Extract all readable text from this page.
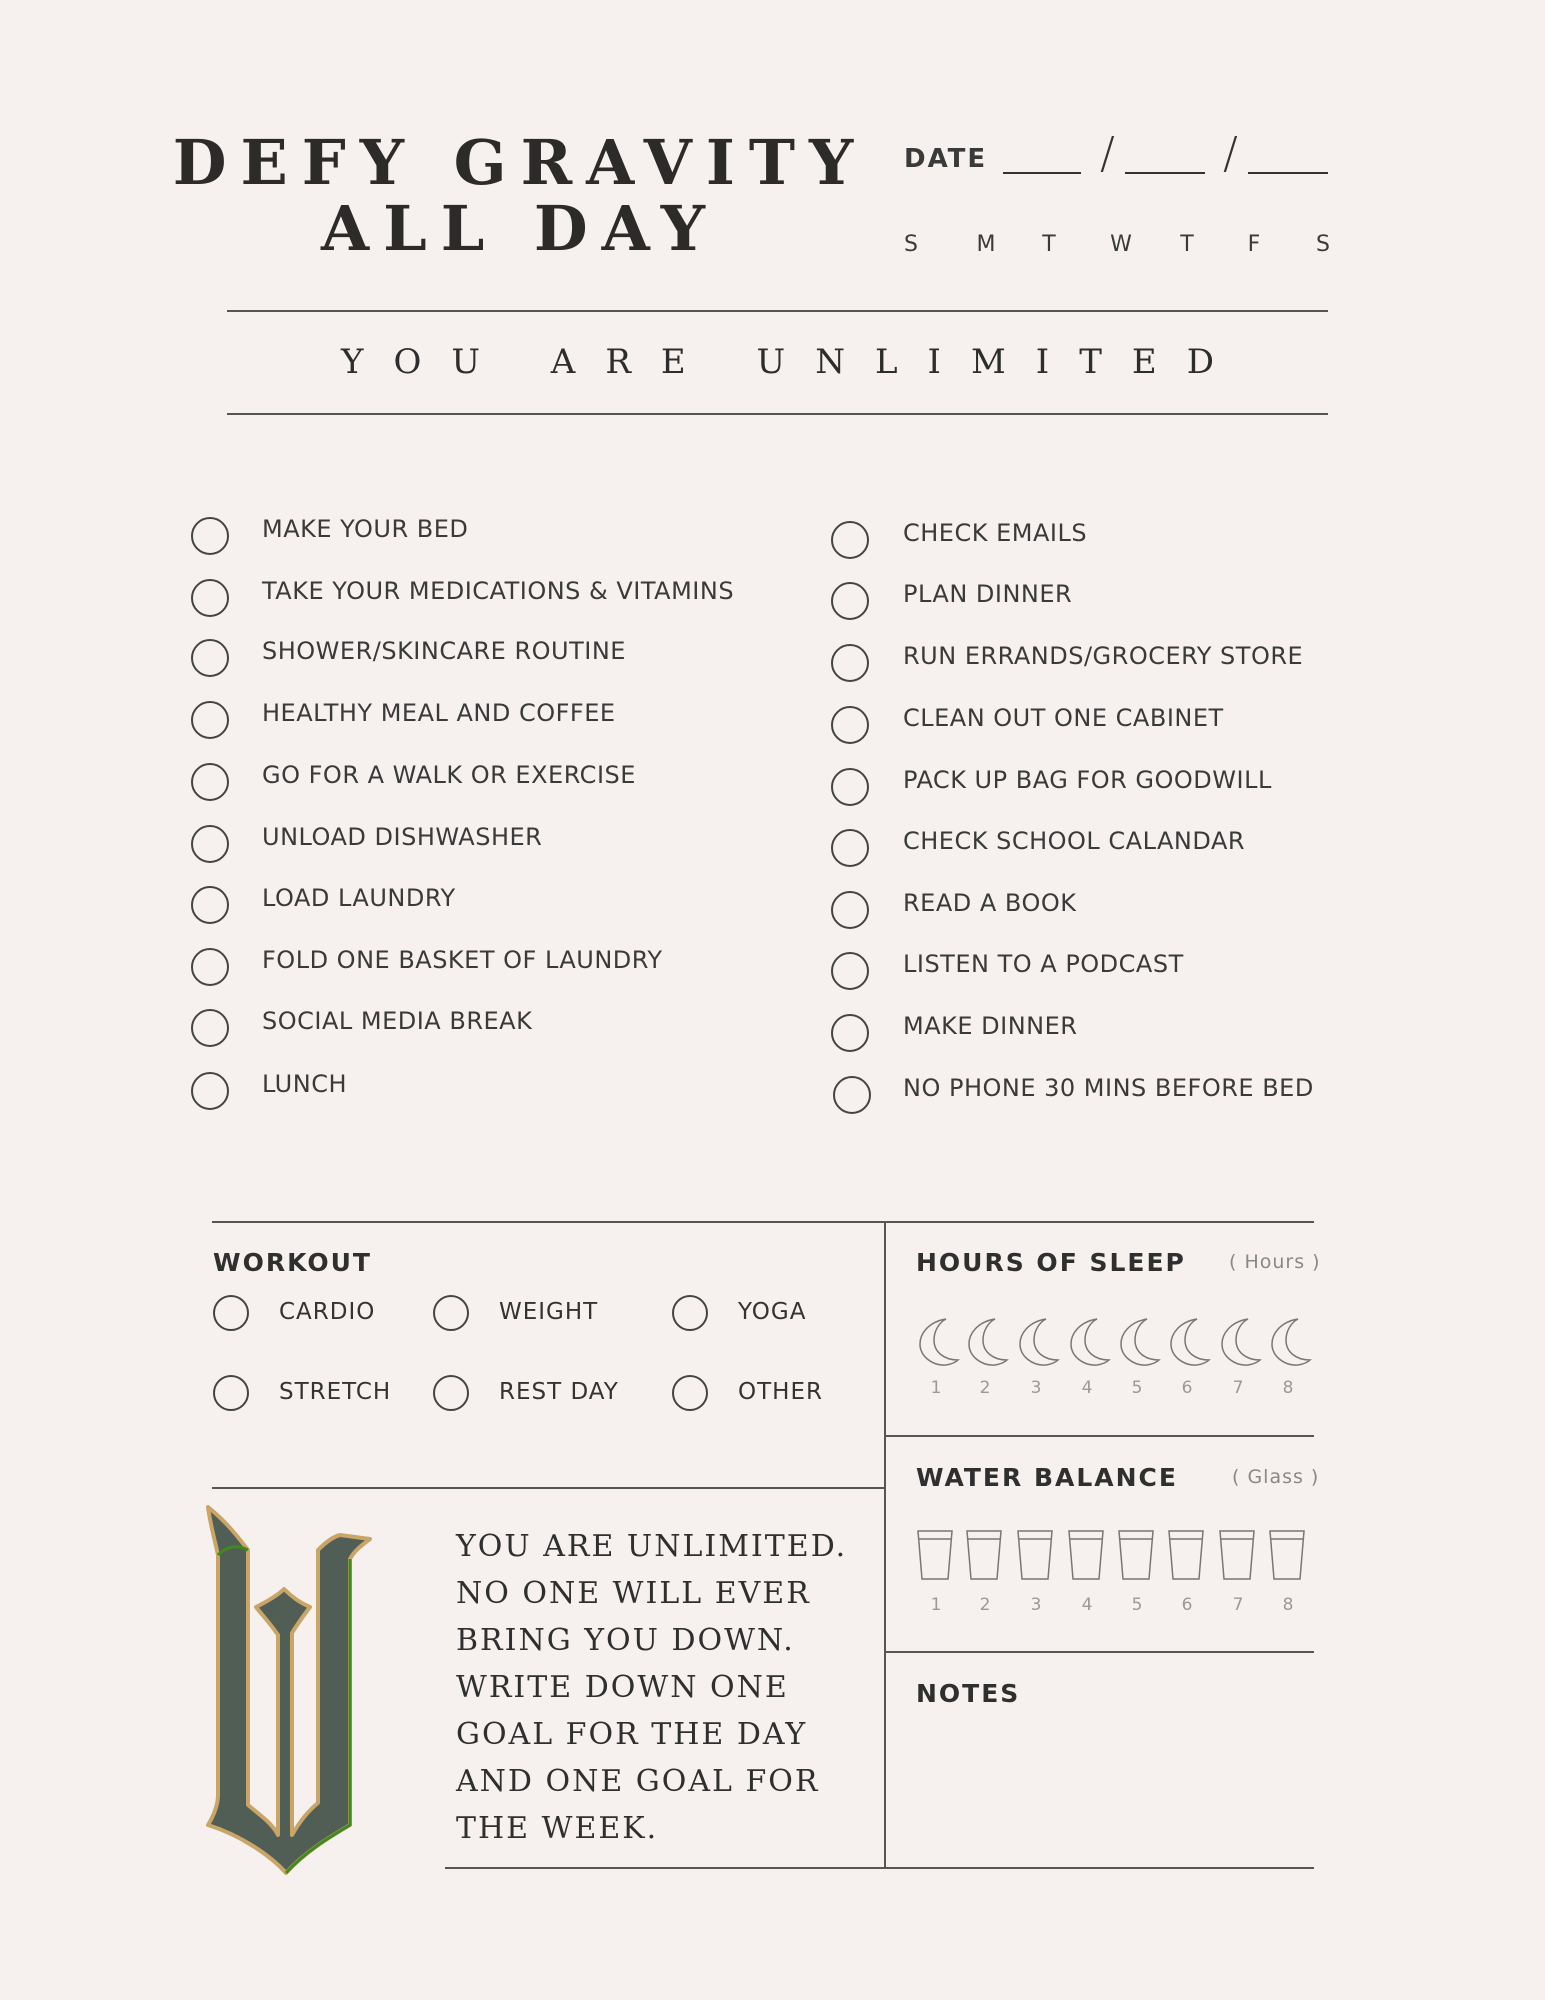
DEFY GRAVITY
ALL DAY
DATE	/ /
S	M	T	W	T	F	S
YOU ARE UNLIMITED
MAKE YOUR BED
TAKE YOUR MEDICATIONS & VITAMINS
SHOWER/SKINCARE ROUTINE
HEALTHY MEAL AND COFFEE
GO FOR A WALK OR EXERCISE
UNLOAD DISHWASHER
LOAD LAUNDRY
FOLD ONE BASKET OF LAUNDRY
SOCIAL MEDIA BREAK
LUNCH
CHECK EMAILS
PLAN DINNER
RUN ERRANDS/GROCERY STORE
CLEAN OUT ONE CABINET
PACK UP BAG FOR GOODWILL
CHECK SCHOOL CALANDAR
READ A BOOK
LISTEN TO A PODCAST
MAKE DINNER
NO PHONE 30 MINS BEFORE BED
WORKOUT
CARDIO	WEIGHT	YOGA
STRETCH	REST DAY	OTHER
HOURS OF SLEEP ( Hours )
1 2 3 4 5 6 7 8
WATER BALANCE	( Glass )
1 2 3 4 5 6 7 8
NOTES
YOU ARE UNLIMITED.
NO ONE WILL EVER
BRING YOU DOWN.
WRITE DOWN ONE
GOAL FOR THE DAY
AND ONE GOAL FOR
THE WEEK.
